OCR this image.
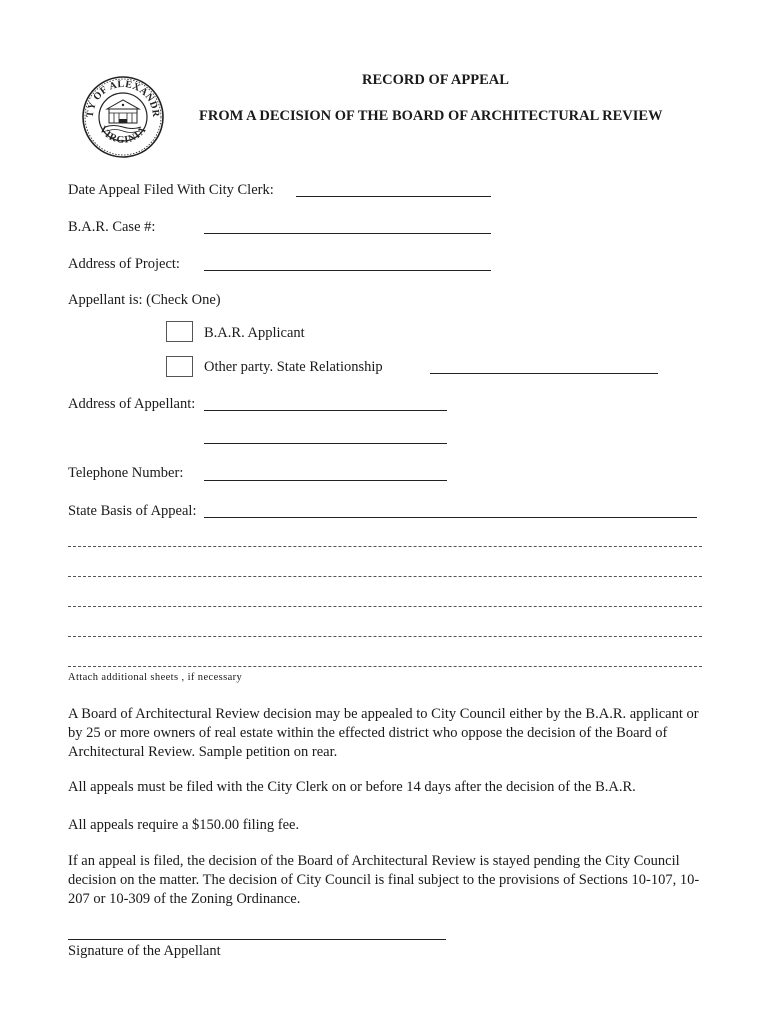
TY OF ALEXANDR
VIRGINIA
RECORD OF APPEAL
FROM A DECISION OF THE BOARD OF ARCHITECTURAL REVIEW
Date Appeal Filed With City Clerk:
B.A.R. Case #:
Address of Project:
Appellant is: (Check One)
B.A.R. Applicant
Other party. State Relationship
Address of Appellant:
Telephone Number:
State Basis of Appeal:
Attach additional sheets , if necessary
A Board of Architectural Review decision may be appealed to City Council either by the B.A.R. applicant or by 25 or more owners of real estate within the effected district who oppose the decision of the Board of Architectural Review. Sample petition on rear.
All appeals must be filed with the City Clerk on or before 14 days after the decision of the B.A.R.
All appeals require a $150.00 filing fee.
If an appeal is filed, the decision of the Board of Architectural Review is stayed pending the City Council decision on the matter. The decision of City Council is final subject to the provisions of Sections 10-107, 10-207 or 10-309 of the Zoning Ordinance.
Signature of the Appellant
